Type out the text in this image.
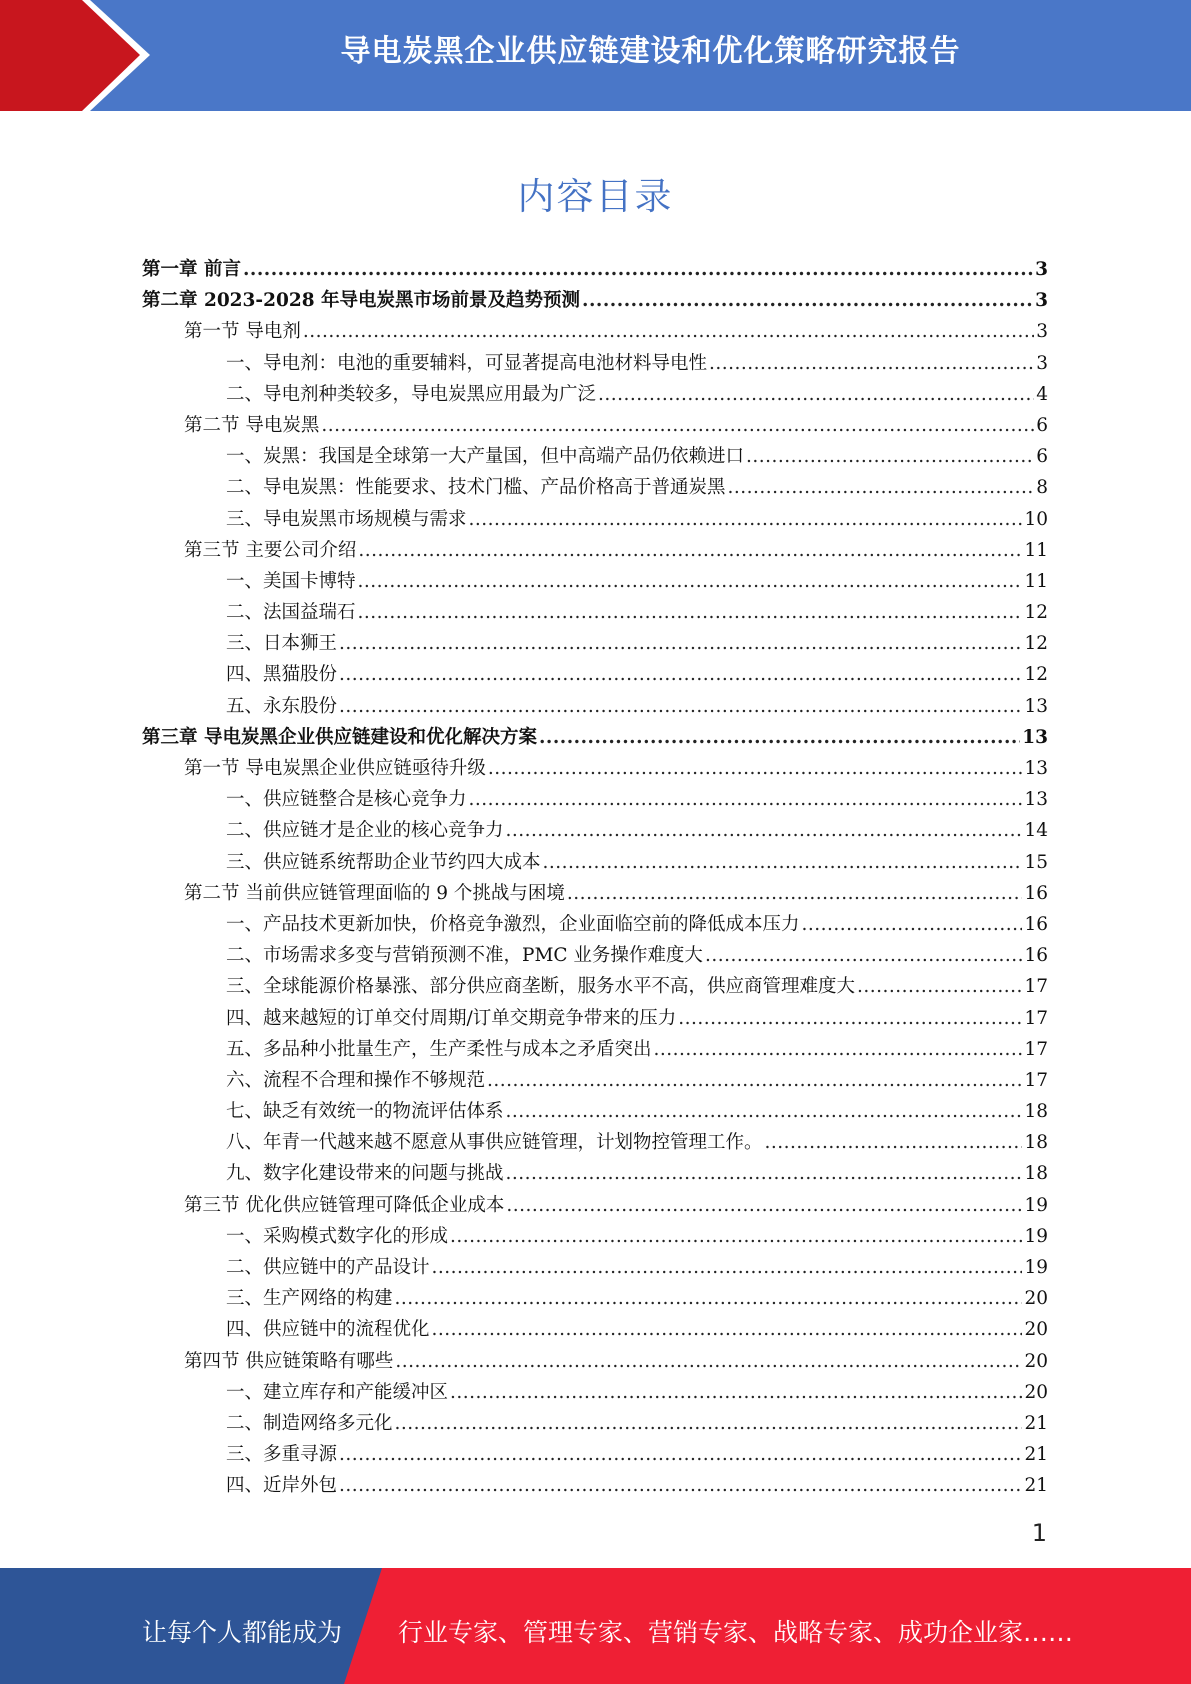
导电炭黑企业供应链建设和优化策略研究报告
内容目录
第一章 前言 .....	3
第二章 2023-2028 年导电炭黑市场前景及趋势预测 .....	3
第一节 导电剂 .....	3
一、导电剂：电池的重要辅料，可显著提高电池材料导电性 .....	3
二、导电剂种类较多，导电炭黑应用最为广泛 .....	4
第二节 导电炭黑 .....	6
一、炭黑：我国是全球第一大产量国，但中高端产品仍依赖进口 .....	6
二、导电炭黑：性能要求、技术门槛、产品价格高于普通炭黑 .....	8
三、导电炭黑市场规模与需求 .....	10
第三节 主要公司介绍 .....	11
一、美国卡博特 .....	11
二、法国益瑞石 .....	12
三、日本狮王 .....	12
四、黑猫股份 .....	12
五、永东股份 .....	13
第三章 导电炭黑企业供应链建设和优化解决方案 .....	13
第一节 导电炭黑企业供应链亟待升级 .....	13
一、供应链整合是核心竞争力 .....	13
二、供应链才是企业的核心竞争力 .....	14
三、供应链系统帮助企业节约四大成本 .....	15
第二节 当前供应链管理面临的 9 个挑战与困境 .....	16
一、产品技术更新加快，价格竞争激烈，企业面临空前的降低成本压力 .....	16
二、市场需求多变与营销预测不准，PMC 业务操作难度大 .....	16
三、全球能源价格暴涨、部分供应商垄断，服务水平不高，供应商管理难度大 .....	17
四、越来越短的订单交付周期/订单交期竞争带来的压力 .....	17
五、多品种小批量生产，生产柔性与成本之矛盾突出 .....	17
六、流程不合理和操作不够规范 .....	17
七、缺乏有效统一的物流评估体系 .....	18
八、年青一代越来越不愿意从事供应链管理，计划物控管理工作。 .....	18
九、数字化建设带来的问题与挑战 .....	18
第三节 优化供应链管理可降低企业成本 .....	19
一、采购模式数字化的形成 .....	19
二、供应链中的产品设计 .....	19
三、生产网络的构建 .....	20
四、供应链中的流程优化 .....	20
第四节 供应链策略有哪些 .....	20
一、建立库存和产能缓冲区 .....	20
二、制造网络多元化 .....	21
三、多重寻源 .....	21
四、近岸外包 .....	21
1
让每个人都能成为 行业专家、管理专家、营销专家、战略专家、成功企业家……
